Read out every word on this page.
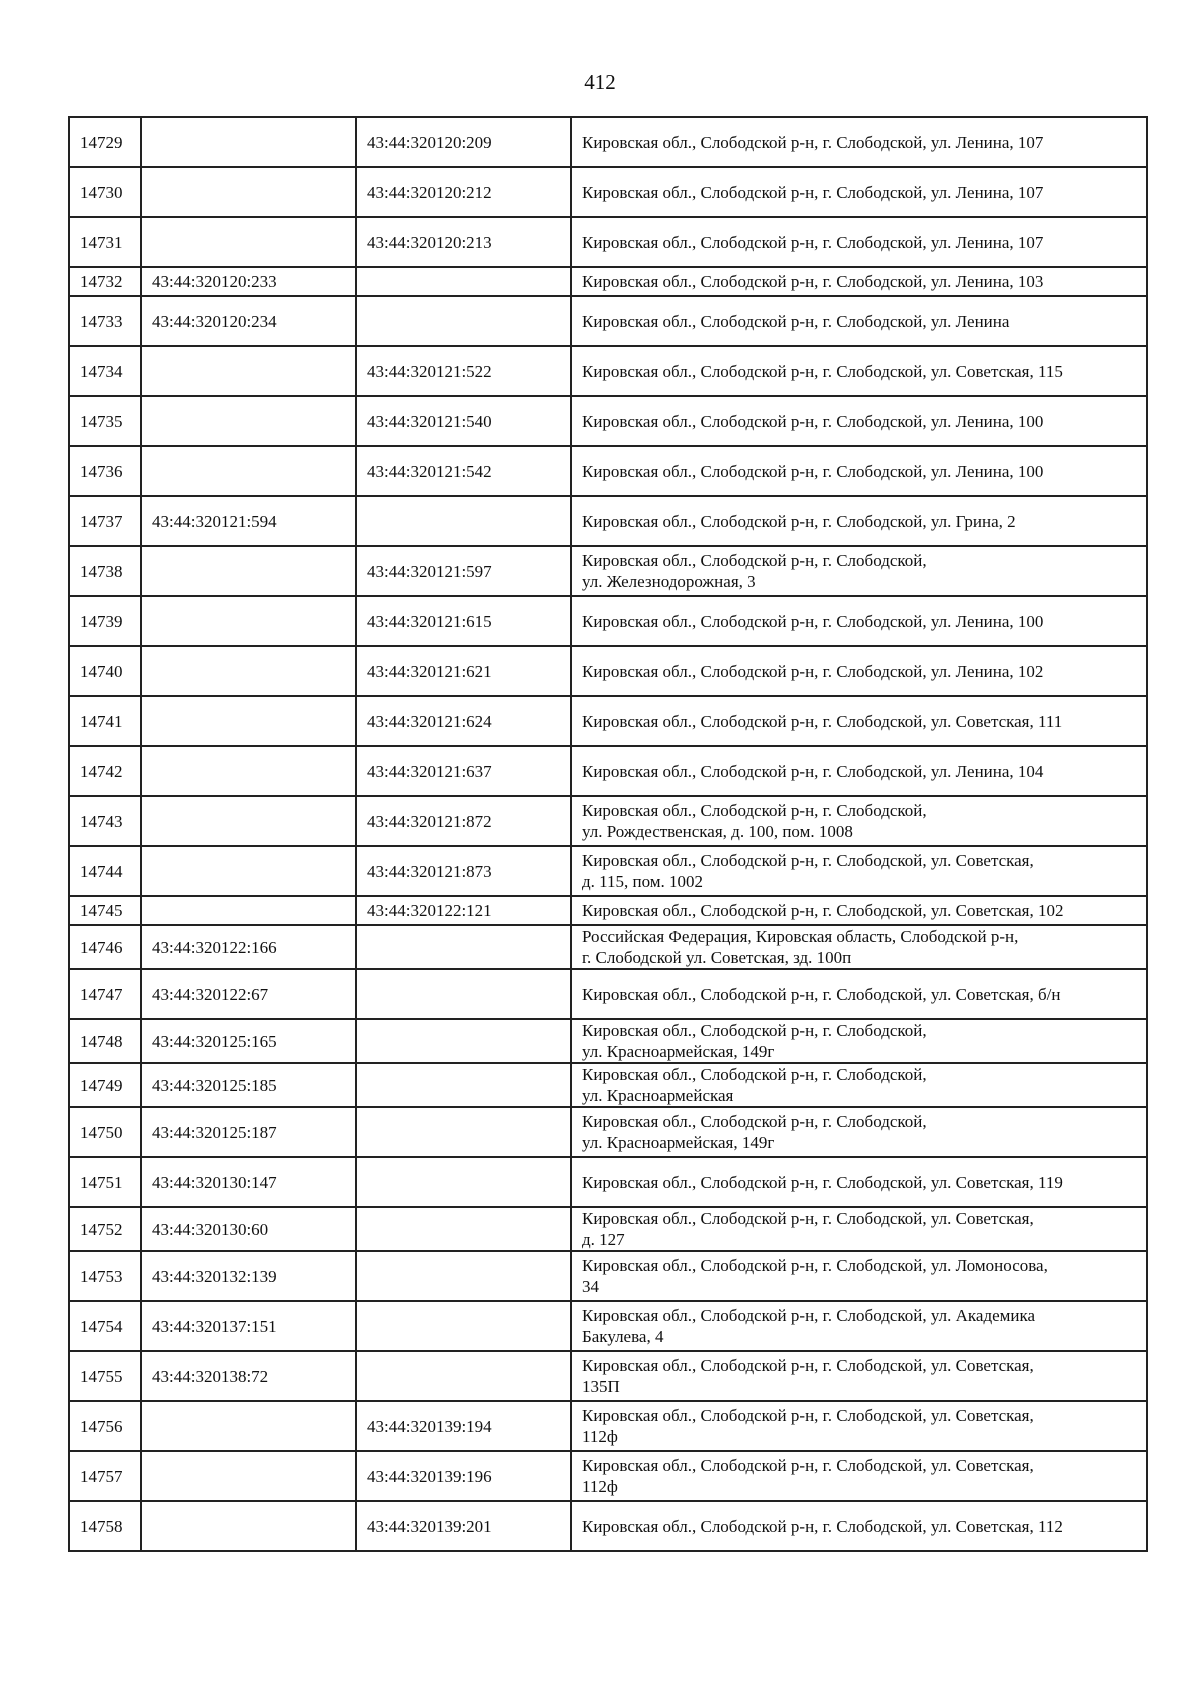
412
14729		43:44:320120:209	Кировская обл., Слободской р-н, г. Слободской, ул. Ленина, 107
14730		43:44:320120:212	Кировская обл., Слободской р-н, г. Слободской, ул. Ленина, 107
14731		43:44:320120:213	Кировская обл., Слободской р-н, г. Слободской, ул. Ленина, 107
14732	43:44:320120:233		Кировская обл., Слободской р-н, г. Слободской, ул. Ленина, 103
14733	43:44:320120:234		Кировская обл., Слободской р-н, г. Слободской, ул. Ленина
14734		43:44:320121:522	Кировская обл., Слободской р-н, г. Слободской, ул. Советская, 115
14735		43:44:320121:540	Кировская обл., Слободской р-н, г. Слободской, ул. Ленина, 100
14736		43:44:320121:542	Кировская обл., Слободской р-н, г. Слободской, ул. Ленина, 100
14737	43:44:320121:594		Кировская обл., Слободской р-н, г. Слободской, ул. Грина, 2
14738		43:44:320121:597	Кировская обл., Слободской р-н, г. Слободской,
ул. Железнодорожная, 3
14739		43:44:320121:615	Кировская обл., Слободской р-н, г. Слободской, ул. Ленина, 100
14740		43:44:320121:621	Кировская обл., Слободской р-н, г. Слободской, ул. Ленина, 102
14741		43:44:320121:624	Кировская обл., Слободской р-н, г. Слободской, ул. Советская, 111
14742		43:44:320121:637	Кировская обл., Слободской р-н, г. Слободской, ул. Ленина, 104
14743		43:44:320121:872	Кировская обл., Слободской р-н, г. Слободской,
ул. Рождественская, д. 100, пом. 1008
14744		43:44:320121:873	Кировская обл., Слободской р-н, г. Слободской, ул. Советская,
д. 115, пом. 1002
14745		43:44:320122:121	Кировская обл., Слободской р-н, г. Слободской, ул. Советская, 102
14746	43:44:320122:166		Российская Федерация, Кировская область, Слободской р-н,
г. Слободской ул. Советская, зд. 100п
14747	43:44:320122:67		Кировская обл., Слободской р-н, г. Слободской, ул. Советская, б/н
14748	43:44:320125:165		Кировская обл., Слободской р-н, г. Слободской,
ул. Красноармейская, 149г
14749	43:44:320125:185		Кировская обл., Слободской р-н, г. Слободской,
ул. Красноармейская
14750	43:44:320125:187		Кировская обл., Слободской р-н, г. Слободской,
ул. Красноармейская, 149г
14751	43:44:320130:147		Кировская обл., Слободской р-н, г. Слободской, ул. Советская, 119
14752	43:44:320130:60		Кировская обл., Слободской р-н, г. Слободской, ул. Советская,
д. 127
14753	43:44:320132:139		Кировская обл., Слободской р-н, г. Слободской, ул. Ломоносова,
34
14754	43:44:320137:151		Кировская обл., Слободской р-н, г. Слободской, ул. Академика
Бакулева, 4
14755	43:44:320138:72		Кировская обл., Слободской р-н, г. Слободской, ул. Советская,
135П
14756		43:44:320139:194	Кировская обл., Слободской р-н, г. Слободской, ул. Советская,
112ф
14757		43:44:320139:196	Кировская обл., Слободской р-н, г. Слободской, ул. Советская,
112ф
14758		43:44:320139:201	Кировская обл., Слободской р-н, г. Слободской, ул. Советская, 112
